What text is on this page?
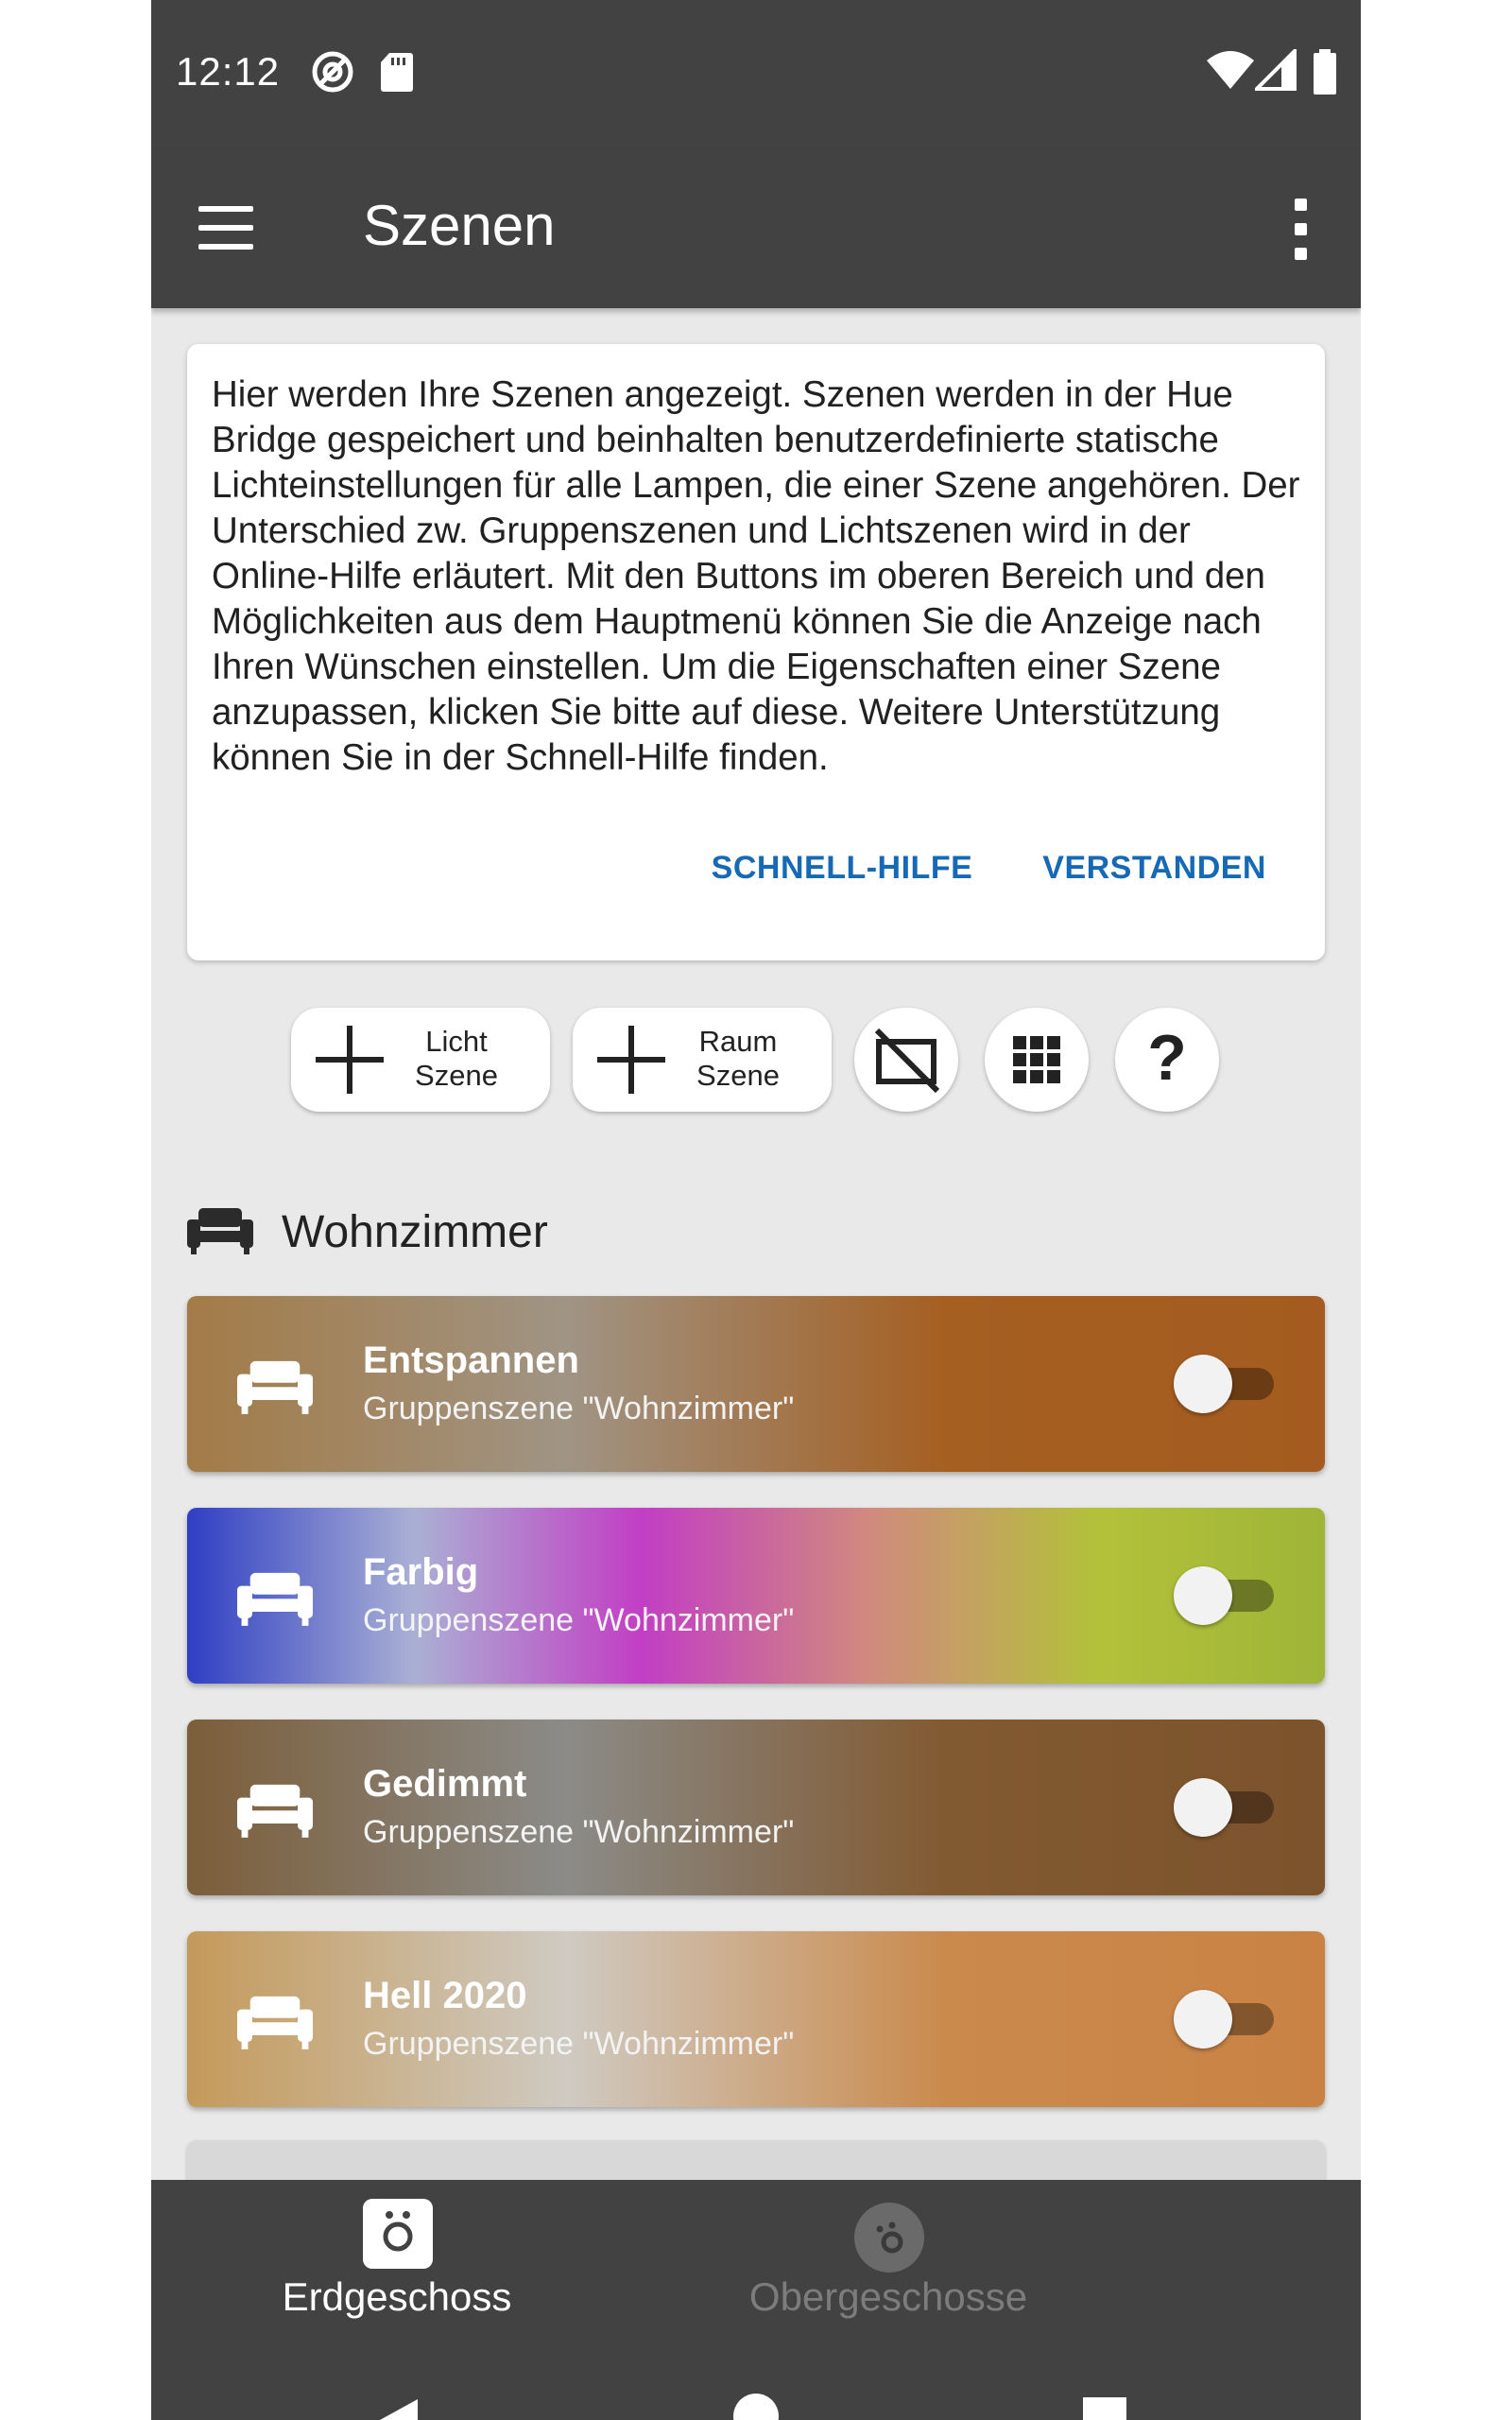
12:12
Szenen
Hier werden Ihre Szenen angezeigt. Szenen werden in der Hue Bridge gespeichert und beinhalten benutzerdefinierte statische Lichteinstellungen für alle Lampen, die einer Szene angehören. Der Unterschied zw. Gruppenszenen und Lichtszenen wird in der Online-Hilfe erläutert. Mit den Buttons im oberen Bereich und den Möglichkeiten aus dem Hauptmenü können Sie die Anzeige nach Ihren Wünschen einstellen. Um die Eigenschaften einer Szene anzupassen, klicken Sie bitte auf diese. Weitere Unterstützung können Sie in der Schnell-Hilfe finden.
SCHNELL-HILFE VERSTANDEN
Licht
Szene
Raum
Szene	?
Wohnzimmer
Entspannen
Gruppenszene "Wohnzimmer"
Farbig
Gruppenszene "Wohnzimmer"
Gedimmt
Gruppenszene "Wohnzimmer"
Hell 2020
Gruppenszene "Wohnzimmer"
Erdgeschoss	Obergeschosse
